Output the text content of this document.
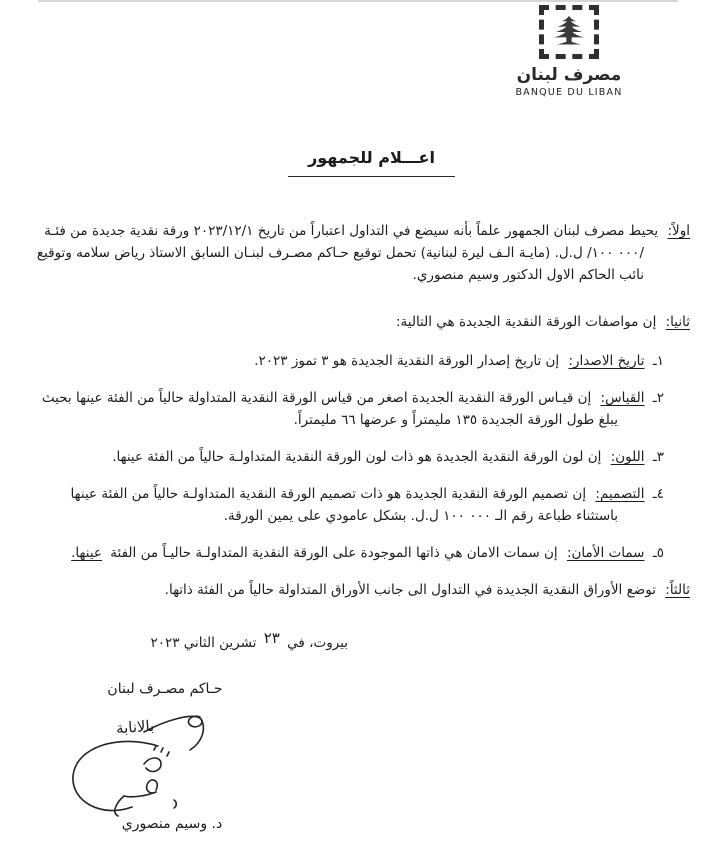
مصرف لبنان
BANQUE DU LIBAN
اعـــلام للجمهور

اولاً: يحيط مصرف لبنان الجمهور علماً بأنه سيضع في التداول اعتباراً من تاريخ ٢٠٢٣/١٢/١ ورقة نقدية جديدة من فئـة /١٠٠ ٠٠٠/ ل.ل. (مايـة الـف ليرة لبنانية) تحمل توقيع حـاكم مصـرف لبنـان السابق الاستاذ رياض سلامه وتوقيع نائب الحاكم الاول الدكتور وسيم منصوري.

ثانيا: إن مواصفات الورقة النقدية الجديدة هي التالية:

١ـ تاريخ الاصدار: إن تاريخ إصدار الورقة النقدية الجديدة هو ٣ تموز ٢٠٢٣.
٢ـ القياس: إن قيـاس الورقة النقدية الجديدة اصغر من قياس الورقة النقدية المتداولة حالياً من الفئة عينها بحيث يبلغ طول الورقة الجديدة ١٣٥ مليمتراً و عرضها ٦٦ مليمتراً.
٣ـ اللون: إن لون الورقة النقدية الجديدة هو ذات لون الورقة النقدية المتداولـة حالياً من الفئة عينها.
٤ـ التصميم: إن تصميم الورقة النقدية الجديدة هو ذات تصميم الورقة النقدية المتداولـة حالياً من الفئة عينها باستثناء طباعة رقم الـ ١٠٠ ٠٠٠ ل.ل. بشكل عامودي على يمين الورقة.
٥ـ سمات الأمان: إن سمات الامان هي ذاتها الموجودة على الورقة النقدية المتداولـة حاليـاً من الفئة عينها.

ثالثاً: توضع الأوراق النقدية الجديدة في التداول الى جانب الأوراق المتداولة حالياً من الفئة ذاتها.

بيروت، في ٢٣ تشرين الثاني ٢٠٢٣
حـاكم مصـرف لبنان
بالانابة
د. وسيم منصوري
